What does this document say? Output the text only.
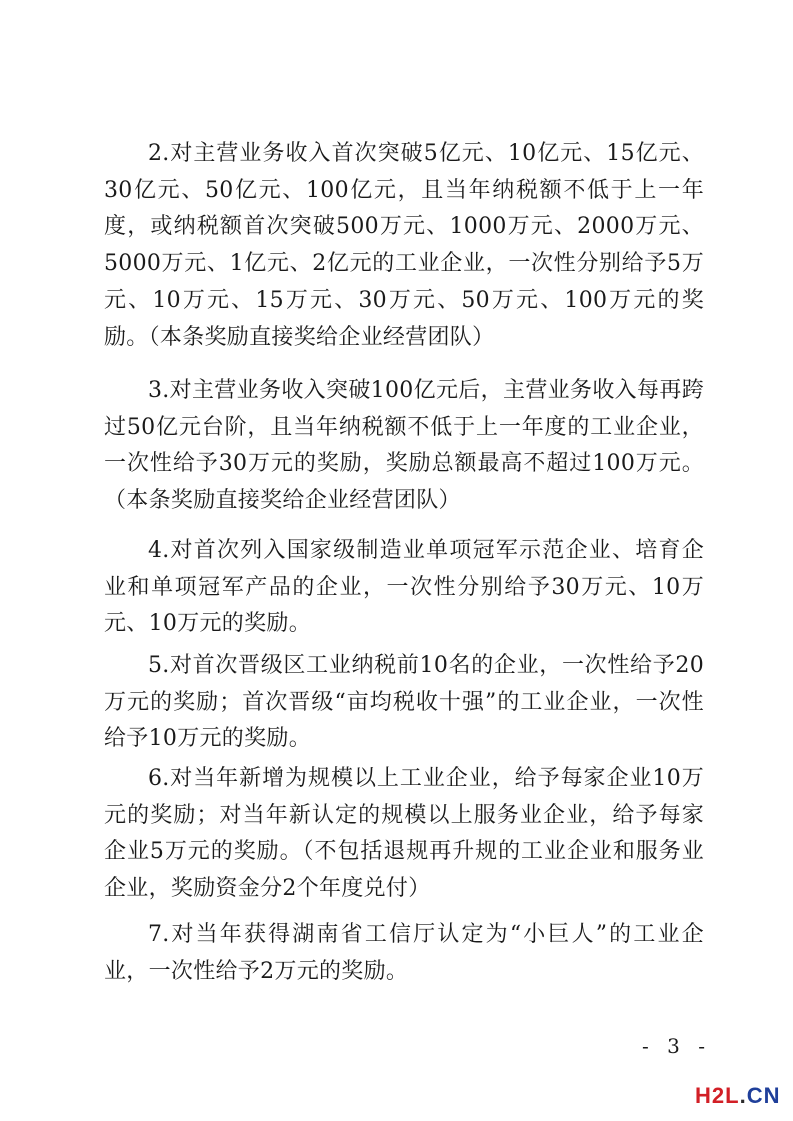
2.对主营业务收入首次突破5亿元、10亿元、15亿元、30亿元、50亿元、100亿元，且当年纳税额不低于上一年度，或纳税额首次突破500万元、1000万元、2000万元、5000万元、1亿元、2亿元的工业企业，一次性分别给予5万元、10万元、15万元、30万元、50万元、100万元的奖励。（本条奖励直接奖给企业经营团队）

3.对主营业务收入突破100亿元后，主营业务收入每再跨过50亿元台阶，且当年纳税额不低于上一年度的工业企业，一次性给予30万元的奖励，奖励总额最高不超过100万元。（本条奖励直接奖给企业经营团队）

4.对首次列入国家级制造业单项冠军示范企业、培育企业和单项冠军产品的企业，一次性分别给予30万元、10万元、10万元的奖励。

5.对首次晋级区工业纳税前10名的企业，一次性给予20万元的奖励；首次晋级“亩均税收十强”的工业企业，一次性给予10万元的奖励。

6.对当年新增为规模以上工业企业，给予每家企业10万元的奖励；对当年新认定的规模以上服务业企业，给予每家企业5万元的奖励。（不包括退规再升规的工业企业和服务业企业，奖励资金分2个年度兑付）

7.对当年获得湖南省工信厅认定为“小巨人”的工业企业，一次性给予2万元的奖励。

- 3 -
H2L.CN
